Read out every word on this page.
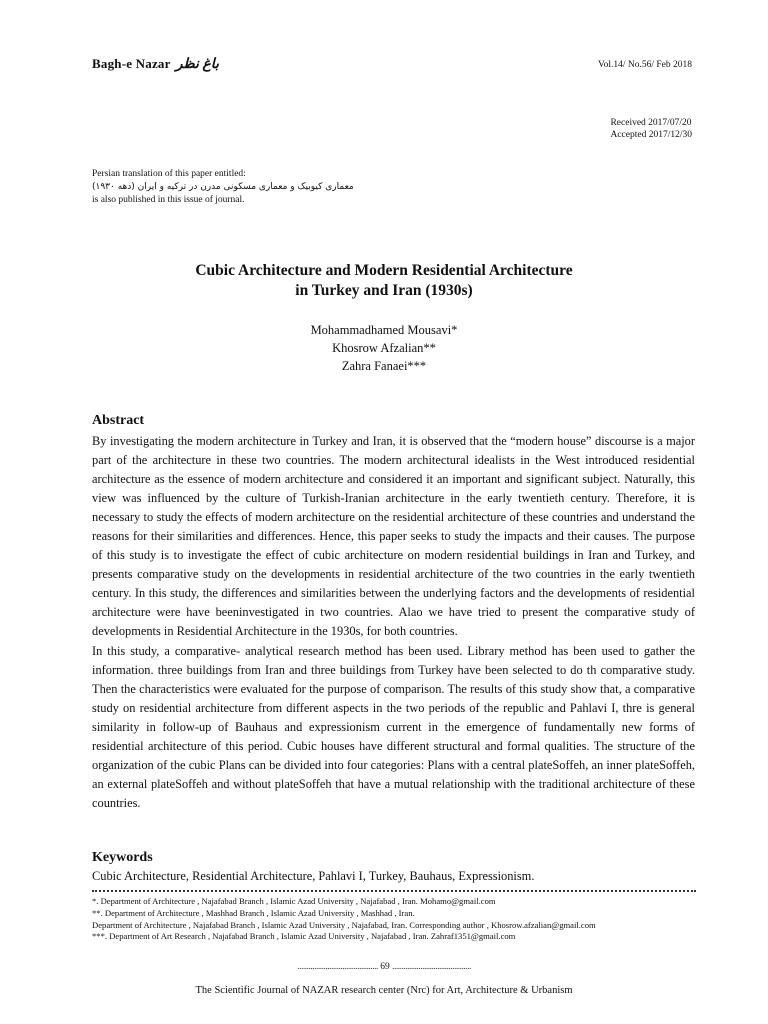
Bagh-e Nazar باغ نظر	Vol.14/ No.56/ Feb 2018
Received 2017/07/20
Accepted 2017/12/30
Persian translation of this paper entitled:
معماری کیوبیک و معماری مسکونی مدرن در ترکیه و ایران (دهه ۱۹۳۰)
is also published in this issue of journal.
Cubic Architecture and Modern Residential Architecture
in Turkey and Iran (1930s)
Mohammadhamed Mousavi*
Khosrow Afzalian**
Zahra Fanaei***
Abstract

By investigating the modern architecture in Turkey and Iran, it is observed that the “modern house” discourse is a major part of the architecture in these two countries. The modern architectural idealists in the West introduced residential architecture as the essence of modern architecture and considered it an important and significant subject. Naturally, this view was influenced by the culture of Turkish-Iranian architecture in the early twentieth century. Therefore, it is necessary to study the effects of modern architecture on the residential architecture of these countries and understand the reasons for their similarities and differences. Hence, this paper seeks to study the impacts and their causes. The purpose of this study is to investigate the effect of cubic architecture on modern residential buildings in Iran and Turkey, and presents comparative study on the developments in residential architecture of the two countries in the early twentieth century. In this study, the differences and similarities between the underlying factors and the developments of residential architecture were have beeninvestigated in two countries. Alao we have tried to present the comparative study of developments in Residential Architecture in the 1930s, for both countries.

In this study, a comparative- analytical research method has been used. Library method has been used to gather the information. three buildings from Iran and three buildings from Turkey have been selected to do th comparative study. Then the characteristics were evaluated for the purpose of comparison. The results of this study show that, a comparative study on residential architecture from different aspects in the two periods of the republic and Pahlavi I, thre is general similarity in follow-up of Bauhaus and expressionism current in the emergence of fundamentally new forms of residential architecture of this period. Cubic houses have different structural and formal qualities. The structure of the organization of the cubic Plans can be divided into four categories: Plans with a central plateSoffeh, an inner plateSoffeh, an external plateSoffeh and without plateSoffeh that have a mutual relationship with the traditional architecture of these countries.

Keywords
Cubic Architecture, Residential Architecture, Pahlavi I, Turkey, Bauhaus, Expressionism.
*. Department of Architecture , Najafabad Branch , Islamic Azad University , Najafabad , Iran. Mohamo@gmail.com
**. Department of Architecture , Mashhad Branch , Islamic Azad University , Mashhad , Iran.
Department of Architecture , Najafabad Branch , Islamic Azad University , Najafabad, Iran. Corresponding author , Khosrow.afzalian@gmail.com
***. Department of Art Research , Najafabad Branch , Islamic Azad University , Najafabad , Iran. Zahraf1351@gmail.com
........................................... 69 ..........................................
The Scientific Journal of NAZAR research center (Nrc) for Art, Architecture & Urbanism
